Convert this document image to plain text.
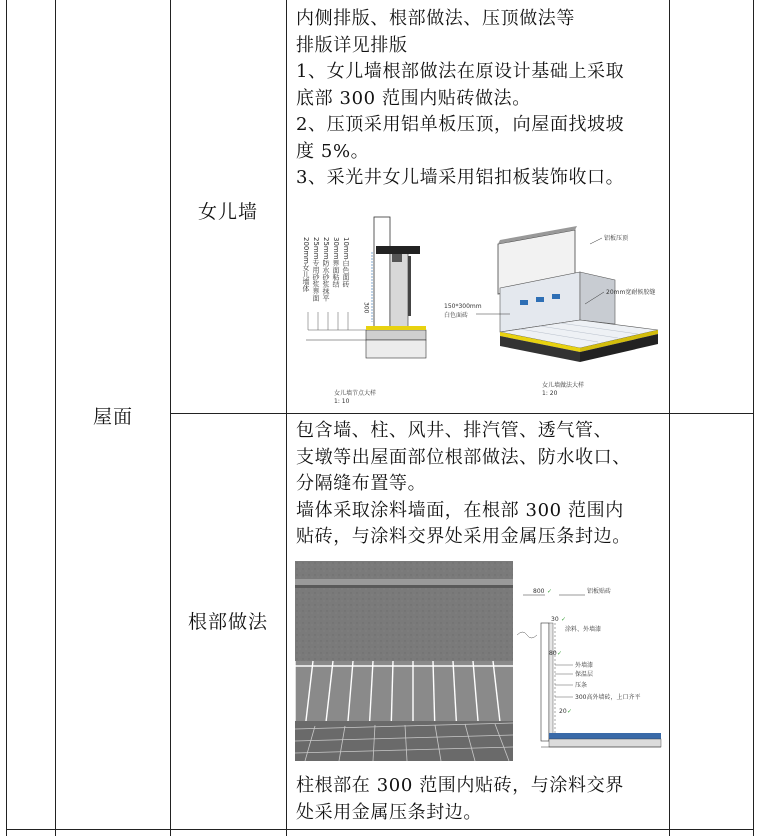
屋面
女儿墙
内侧排版、根部做法、压顶做法等
排版详见排版
1、女儿墙根部做法在原设计基础上采取
底部 300 范围内贴砖做法。
2、压顶采用铝单板压顶，向屋面找坡坡
度 5%。
3、采光井女儿墙采用铝扣板装饰收口。
200mm女儿墙体 25mm专用砂浆界面 25mm防水砂浆抹平 30mm界面粘结 10mm白色面砖
300
女儿墙节点大样
1: 10
铝板压顶
20mm宽耐候胶缝
150*300mm
白色面砖
女儿墙做法大样
1: 20
根部做法
包含墙、柱、风井、排汽管、透气管、
支墩等出屋面部位根部做法、防水收口、
分隔缝布置等。
墙体采取涂料墙面，在根部 300 范围内
贴砖，与涂料交界处采用金属压条封边。
800 ✓	铝板贴砖
30 ✓
涂料、外墙漆
80 ✓
外墙漆
保温层
压条
300高外墙砖，上口齐平
20 ✓
柱根部在 300 范围内贴砖，与涂料交界
处采用金属压条封边。
